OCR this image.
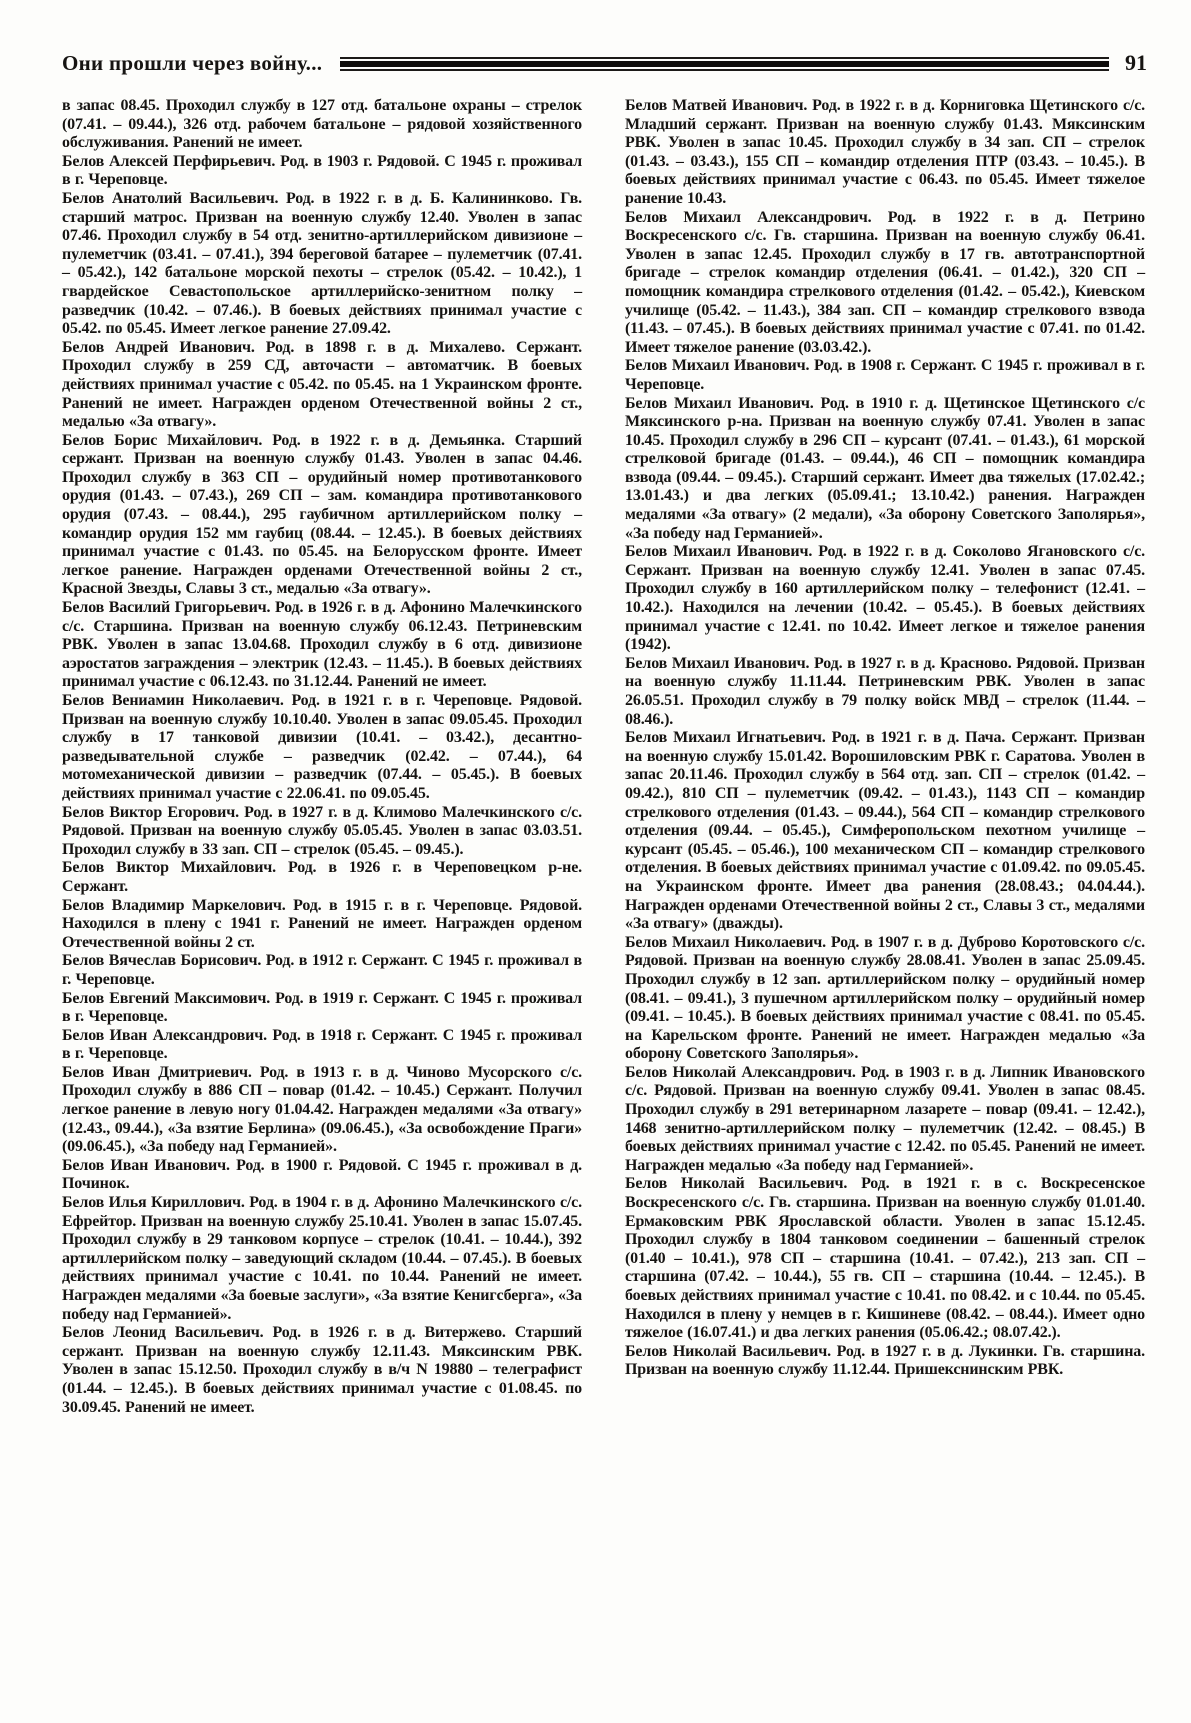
Они прошли через войну...	91

в запас 08.45. Проходил службу в 127 отд. батальоне охраны – стрелок (07.41. – 09.44.), 326 отд. рабочем батальоне – рядовой хозяйственного обслуживания. Ранений не имеет.

Белов Алексей Перфирьевич. Род. в 1903 г. Рядовой. С 1945 г. проживал в г. Череповце.

Белов Анатолий Васильевич. Род. в 1922 г. в д. Б. Калининково. Гв. старший матрос. Призван на военную службу 12.40. Уволен в запас 07.46. Проходил службу в 54 отд. зенитно-артиллерийском дивизионе – пулеметчик (03.41. – 07.41.), 394 береговой батарее – пулеметчик (07.41. – 05.42.), 142 батальоне морской пехоты – стрелок (05.42. – 10.42.), 1 гвардейское Севастопольское артиллерийско-зенитном полку – разведчик (10.42. – 07.46.). В боевых действиях принимал участие с 05.42. по 05.45. Имеет легкое ранение 27.09.42.

Белов Андрей Иванович. Род. в 1898 г. в д. Михалево. Сержант. Проходил службу в 259 СД, авточасти – автоматчик. В боевых действиях принимал участие с 05.42. по 05.45. на 1 Украинском фронте. Ранений не имеет. Награжден орденом Отечественной войны 2 ст., медалью «За отвагу».

Белов Борис Михайлович. Род. в 1922 г. в д. Демьянка. Старший сержант. Призван на военную службу 01.43. Уволен в запас 04.46. Проходил службу в 363 СП – орудийный номер противотанкового орудия (01.43. – 07.43.), 269 СП – зам. командира противотанкового орудия (07.43. – 08.44.), 295 гаубичном артиллерийском полку – командир орудия 152 мм гаубиц (08.44. – 12.45.). В боевых действиях принимал участие с 01.43. по 05.45. на Белорусском фронте. Имеет легкое ранение. Награжден орденами Отечественной войны 2 ст., Красной Звезды, Славы 3 ст., медалью «За отвагу».

Белов Василий Григорьевич. Род. в 1926 г. в д. Афонино Малечкинского с/с. Старшина. Призван на военную службу 06.12.43. Петриневским РВК. Уволен в запас 13.04.68. Проходил службу в 6 отд. дивизионе аэростатов заграждения – электрик (12.43. – 11.45.). В боевых действиях принимал участие с 06.12.43. по 31.12.44. Ранений не имеет.

Белов Вениамин Николаевич. Род. в 1921 г. в г. Череповце. Рядовой. Призван на военную службу 10.10.40. Уволен в запас 09.05.45. Проходил службу в 17 танковой дивизии (10.41. – 03.42.), десантно-разведывательной службе – разведчик (02.42. – 07.44.), 64 мотомеханической дивизии – разведчик (07.44. – 05.45.). В боевых действиях принимал участие с 22.06.41. по 09.05.45.

Белов Виктор Егорович. Род. в 1927 г. в д. Климово Малечкинского с/с. Рядовой. Призван на военную службу 05.05.45. Уволен в запас 03.03.51. Проходил службу в 33 зап. СП – стрелок (05.45. – 09.45.).

Белов Виктор Михайлович. Род. в 1926 г. в Череповецком р-не. Сержант.

Белов Владимир Маркелович. Род. в 1915 г. в г. Череповце. Рядовой. Находился в плену с 1941 г. Ранений не имеет. Награжден орденом Отечественной войны 2 ст.

Белов Вячеслав Борисович. Род. в 1912 г. Сержант. С 1945 г. проживал в г. Череповце.

Белов Евгений Максимович. Род. в 1919 г. Сержант. С 1945 г. проживал в г. Череповце.

Белов Иван Александрович. Род. в 1918 г. Сержант. С 1945 г. проживал в г. Череповце.

Белов Иван Дмитриевич. Род. в 1913 г. в д. Чиново Мусорского с/с. Проходил службу в 886 СП – повар (01.42. – 10.45.) Сержант. Получил легкое ранение в левую ногу 01.04.42. Награжден медалями «За отвагу» (12.43., 09.44.), «За взятие Берлина» (09.06.45.), «За освобождение Праги» (09.06.45.), «За победу над Германией».

Белов Иван Иванович. Род. в 1900 г. Рядовой. С 1945 г. проживал в д. Починок.

Белов Илья Кириллович. Род. в 1904 г. в д. Афонино Малечкинского с/с. Ефрейтор. Призван на военную службу 25.10.41. Уволен в запас 15.07.45. Проходил службу в 29 танковом корпусе – стрелок (10.41. – 10.44.), 392 артиллерийском полку – заведующий складом (10.44. – 07.45.). В боевых действиях принимал участие с 10.41. по 10.44. Ранений не имеет. Награжден медалями «За боевые заслуги», «За взятие Кенигсберга», «За победу над Германией».

Белов Леонид Васильевич. Род. в 1926 г. в д. Витержево. Старший сержант. Призван на военную службу 12.11.43. Мяксинским РВК. Уволен в запас 15.12.50. Проходил службу в в/ч N 19880 – телеграфист (01.44. – 12.45.). В боевых действиях принимал участие с 01.08.45. по 30.09.45. Ранений не имеет.

Белов Матвей Иванович. Род. в 1922 г. в д. Корниговка Щетинского с/с. Младший сержант. Призван на военную службу 01.43. Мяксинским РВК. Уволен в запас 10.45. Проходил службу в 34 зап. СП – стрелок (01.43. – 03.43.), 155 СП – командир отделения ПТР (03.43. – 10.45.). В боевых действиях принимал участие с 06.43. по 05.45. Имеет тяжелое ранение 10.43.

Белов Михаил Александрович. Род. в 1922 г. в д. Петрино Воскресенского с/с. Гв. старшина. Призван на военную службу 06.41. Уволен в запас 12.45. Проходил службу в 17 гв. автотранспортной бригаде – стрелок командир отделения (06.41. – 01.42.), 320 СП – помощник командира стрелкового отделения (01.42. – 05.42.), Киевском училище (05.42. – 11.43.), 384 зап. СП – командир стрелкового взвода (11.43. – 07.45.). В боевых действиях принимал участие с 07.41. по 01.42. Имеет тяжелое ранение (03.03.42.).

Белов Михаил Иванович. Род. в 1908 г. Сержант. С 1945 г. проживал в г. Череповце.

Белов Михаил Иванович. Род. в 1910 г. д. Щетинское Щетинского с/с Мяксинского р-на. Призван на военную службу 07.41. Уволен в запас 10.45. Проходил службу в 296 СП – курсант (07.41. – 01.43.), 61 морской стрелковой бригаде (01.43. – 09.44.), 46 СП – помощник командира взвода (09.44. – 09.45.). Старший сержант. Имеет два тяжелых (17.02.42.; 13.01.43.) и два легких (05.09.41.; 13.10.42.) ранения. Награжден медалями «За отвагу» (2 медали), «За оборону Советского Заполярья», «За победу над Германией».

Белов Михаил Иванович. Род. в 1922 г. в д. Соколово Ягановского с/с. Сержант. Призван на военную службу 12.41. Уволен в запас 07.45. Проходил службу в 160 артиллерийском полку – телефонист (12.41. – 10.42.). Находился на лечении (10.42. – 05.45.). В боевых действиях принимал участие с 12.41. по 10.42. Имеет легкое и тяжелое ранения (1942).

Белов Михаил Иванович. Род. в 1927 г. в д. Красново. Рядовой. Призван на военную службу 11.11.44. Петриневским РВК. Уволен в запас 26.05.51. Проходил службу в 79 полку войск МВД – стрелок (11.44. – 08.46.).

Белов Михаил Игнатьевич. Род. в 1921 г. в д. Пача. Сержант. Призван на военную службу 15.01.42. Ворошиловским РВК г. Саратова. Уволен в запас 20.11.46. Проходил службу в 564 отд. зап. СП – стрелок (01.42. – 09.42.), 810 СП – пулеметчик (09.42. – 01.43.), 1143 СП – командир стрелкового отделения (01.43. – 09.44.), 564 СП – командир стрелкового отделения (09.44. – 05.45.), Симферопольском пехотном училище – курсант (05.45. – 05.46.), 100 механическом СП – командир стрелкового отделения. В боевых действиях принимал участие с 01.09.42. по 09.05.45. на Украинском фронте. Имеет два ранения (28.08.43.; 04.04.44.). Награжден орденами Отечественной войны 2 ст., Славы 3 ст., медалями «За отвагу» (дважды).

Белов Михаил Николаевич. Род. в 1907 г. в д. Дуброво Коротовского с/с. Рядовой. Призван на военную службу 28.08.41. Уволен в запас 25.09.45. Проходил службу в 12 зап. артиллерийском полку – орудийный номер (08.41. – 09.41.), 3 пушечном артиллерийском полку – орудийный номер (09.41. – 10.45.). В боевых действиях принимал участие с 08.41. по 05.45. на Карельском фронте. Ранений не имеет. Награжден медалью «За оборону Советского Заполярья».

Белов Николай Александрович. Род. в 1903 г. в д. Липник Ивановского с/с. Рядовой. Призван на военную службу 09.41. Уволен в запас 08.45. Проходил службу в 291 ветеринарном лазарете – повар (09.41. – 12.42.), 1468 зенитно-артиллерийском полку – пулеметчик (12.42. – 08.45.) В боевых действиях принимал участие с 12.42. по 05.45. Ранений не имеет. Награжден медалью «За победу над Германией».

Белов Николай Васильевич. Род. в 1921 г. в с. Воскресенское Воскресенского с/с. Гв. старшина. Призван на военную службу 01.01.40. Ермаковским РВК Ярославской области. Уволен в запас 15.12.45. Проходил службу в 1804 танковом соединении – башенный стрелок (01.40 – 10.41.), 978 СП – старшина (10.41. – 07.42.), 213 зап. СП – старшина (07.42. – 10.44.), 55 гв. СП – старшина (10.44. – 12.45.). В боевых действиях принимал участие с 10.41. по 08.42. и с 10.44. по 05.45. Находился в плену у немцев в г. Кишиневе (08.42. – 08.44.). Имеет одно тяжелое (16.07.41.) и два легких ранения (05.06.42.; 08.07.42.).

Белов Николай Васильевич. Род. в 1927 г. в д. Лукинки. Гв. старшина. Призван на военную службу 11.12.44. Пришекснинским РВК.
